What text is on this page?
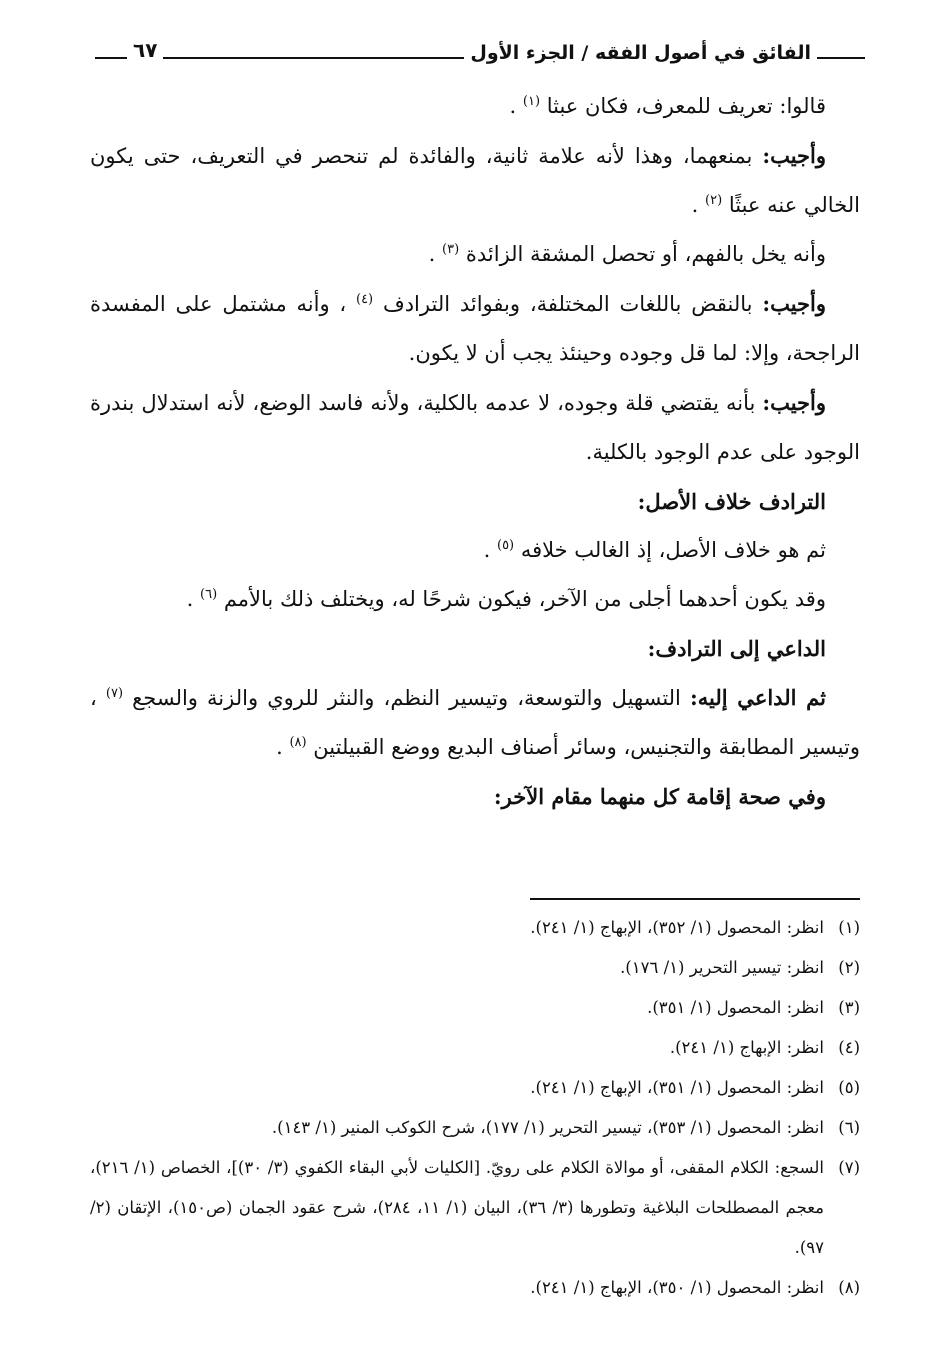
الفائق في أصول الفقه / الجزء الأول
٦٧

قالوا: تعريف للمعرف، فكان عبثا $^{(١)}$ .

وأجيب: بمنعهما، وهذا لأنه علامة ثانية، والفائدة لم تنحصر في التعريف، حتى يكون الخالي عنه عبثًا $^{(٢)}$ .

وأنه يخل بالفهم، أو تحصل المشقة الزائدة $^{(٣)}$ .

وأجيب: بالنقض باللغات المختلفة، وبفوائد الترادف $^{(٤)}$ ، وأنه مشتمل على المفسدة الراجحة، وإلا: لما قل وجوده وحينئذ يجب أن لا يكون.

وأجيب: بأنه يقتضي قلة وجوده، لا عدمه بالكلية، ولأنه فاسد الوضع، لأنه استدلال بندرة الوجود على عدم الوجود بالكلية.

الترادف خلاف الأصل:

ثم هو خلاف الأصل، إذ الغالب خلافه $^{(٥)}$ .

وقد يكون أحدهما أجلى من الآخر، فيكون شرحًا له، ويختلف ذلك بالأمم $^{(٦)}$ .

الداعي إلى الترادف:

ثم الداعي إليه: التسهيل والتوسعة، وتيسير النظم، والنثر للروي والزنة والسجع $^{(٧)}$ ، وتيسير المطابقة والتجنيس، وسائر أصناف البديع ووضع القبيلتين $^{(٨)}$ .

وفي صحة إقامة كل منهما مقام الآخر:

(١)
انظر: المحصول (١/ ٣٥٢)، الإبهاج (١/ ٢٤١).

(٢)
انظر: تيسير التحرير (١/ ١٧٦).

(٣)
انظر: المحصول (١/ ٣٥١).

(٤)
انظر: الإبهاج (١/ ٢٤١).

(٥)
انظر: المحصول (١/ ٣٥١)، الإبهاج (١/ ٢٤١).

(٦)
انظر: المحصول (١/ ٣٥٣)، تيسير التحرير (١/ ١٧٧)، شرح الكوكب المنير (١/ ١٤٣).

(٧)
السجع: الكلام المقفى، أو موالاة الكلام على رويّ. [الكليات لأبي البقاء الكفوي (٣/ ٣٠)]، الخصاص (١/ ٢١٦)، معجم المصطلحات البلاغية وتطورها (٣/ ٣٦)، البيان (١/ ١١، ٢٨٤)، شرح عقود الجمان (ص١٥٠)، الإتقان (٢/ ٩٧).

(٨)
انظر: المحصول (١/ ٣٥٠)، الإبهاج (١/ ٢٤١).
